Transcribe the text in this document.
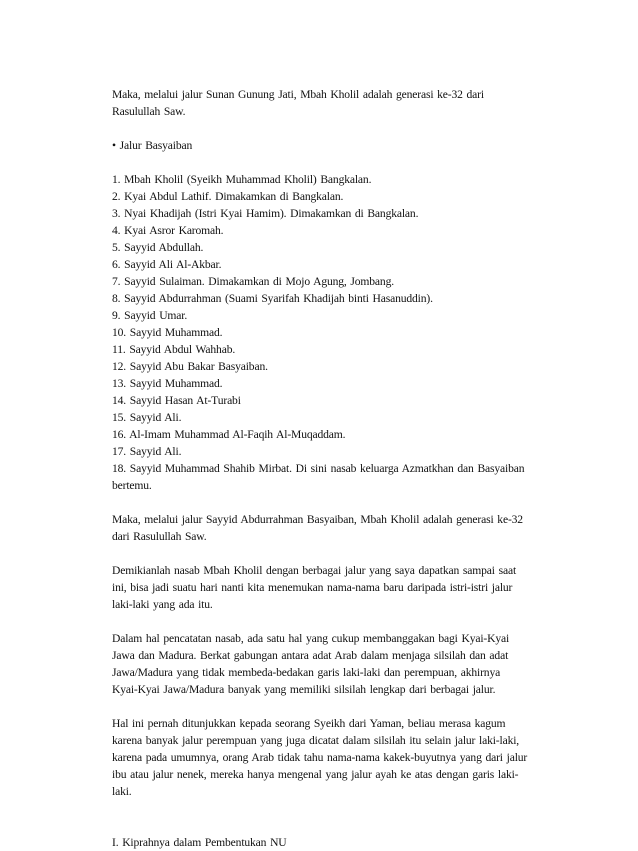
Maka, melalui jalur Sunan Gunung Jati, Mbah Kholil adalah generasi ke-32 dari
Rasulullah Saw.
• Jalur Basyaiban
1. Mbah Kholil (Syeikh Muhammad Kholil) Bangkalan.
2. Kyai Abdul Lathif. Dimakamkan di Bangkalan.
3. Nyai Khadijah (Istri Kyai Hamim). Dimakamkan di Bangkalan.
4. Kyai Asror Karomah.
5. Sayyid Abdullah.
6. Sayyid Ali Al-Akbar.
7. Sayyid Sulaiman. Dimakamkan di Mojo Agung, Jombang.
8. Sayyid Abdurrahman (Suami Syarifah Khadijah binti Hasanuddin).
9. Sayyid Umar.
10. Sayyid Muhammad.
11. Sayyid Abdul Wahhab.
12. Sayyid Abu Bakar Basyaiban.
13. Sayyid Muhammad.
14. Sayyid Hasan At-Turabi
15. Sayyid Ali.
16. Al-Imam Muhammad Al-Faqih Al-Muqaddam.
17. Sayyid Ali.
18. Sayyid Muhammad Shahib Mirbat. Di sini nasab keluarga Azmatkhan dan Basyaiban
bertemu.
Maka, melalui jalur Sayyid Abdurrahman Basyaiban, Mbah Kholil adalah generasi ke-32
dari Rasulullah Saw.
Demikianlah nasab Mbah Kholil dengan berbagai jalur yang saya dapatkan sampai saat
ini, bisa jadi suatu hari nanti kita menemukan nama-nama baru daripada istri-istri jalur
laki-laki yang ada itu.
Dalam hal pencatatan nasab, ada satu hal yang cukup membanggakan bagi Kyai-Kyai
Jawa dan Madura. Berkat gabungan antara adat Arab dalam menjaga silsilah dan adat
Jawa/Madura yang tidak membeda-bedakan garis laki-laki dan perempuan, akhirnya
Kyai-Kyai Jawa/Madura banyak yang memiliki silsilah lengkap dari berbagai jalur.
Hal ini pernah ditunjukkan kepada seorang Syeikh dari Yaman, beliau merasa kagum
karena banyak jalur perempuan yang juga dicatat dalam silsilah itu selain jalur laki-laki,
karena pada umumnya, orang Arab tidak tahu nama-nama kakek-buyutnya yang dari jalur
ibu atau jalur nenek, mereka hanya mengenal yang jalur ayah ke atas dengan garis laki-
laki.
I. Kiprahnya dalam Pembentukan NU
